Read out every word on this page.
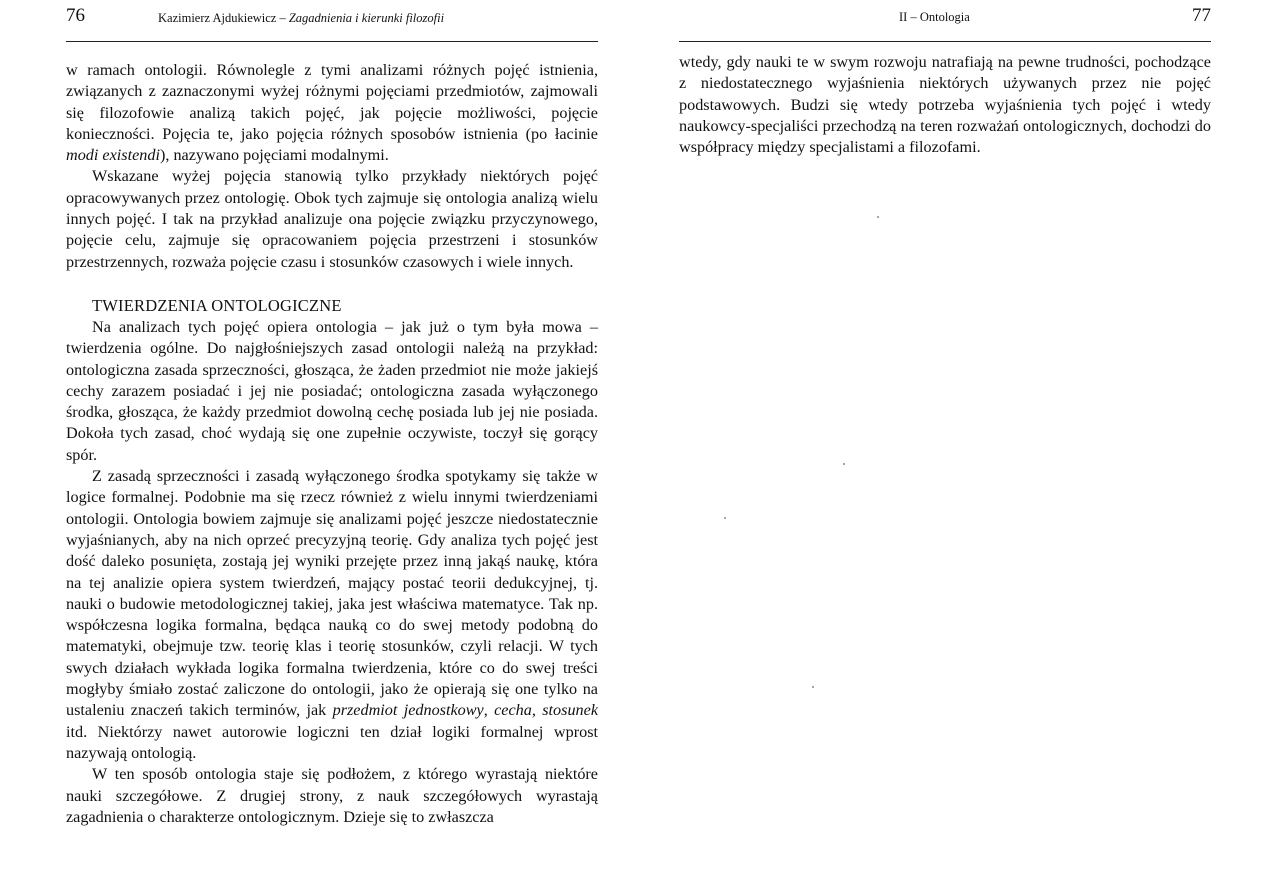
76	Kazimierz Ajdukiewicz – Zagadnienia i kierunki filozofii

w ramach ontologii. Równolegle z tymi analizami różnych pojęć istnienia, związanych z zaznaczonymi wyżej różnymi pojęciami przedmiotów, zajmowali się filozofowie analizą takich pojęć, jak pojęcie możliwości, pojęcie konieczności. Pojęcia te, jako pojęcia różnych sposobów istnienia (po łacinie modi existendi), nazywano pojęciami modalnymi.

Wskazane wyżej pojęcia stanowią tylko przykłady niektórych pojęć opracowywanych przez ontologię. Obok tych zajmuje się ontologia analizą wielu innych pojęć. I tak na przykład analizuje ona pojęcie związku przyczynowego, pojęcie celu, zajmuje się opracowaniem pojęcia przestrzeni i stosunków przestrzennych, rozważa pojęcie czasu i stosunków czasowych i wiele innych.

TWIERDZENIA ONTOLOGICZNE

Na analizach tych pojęć opiera ontologia – jak już o tym była mowa – twierdzenia ogólne. Do najgłośniejszych zasad ontologii należą na przykład: ontologiczna zasada sprzeczności, głosząca, że żaden przedmiot nie może jakiejś cechy zarazem posiadać i jej nie posiadać; ontologiczna zasada wyłączonego środka, głosząca, że każdy przedmiot dowolną cechę posiada lub jej nie posiada. Dokoła tych zasad, choć wydają się one zupełnie oczywiste, toczył się gorący spór.

Z zasadą sprzeczności i zasadą wyłączonego środka spotykamy się także w logice formalnej. Podobnie ma się rzecz również z wielu innymi twierdzeniami ontologii. Ontologia bowiem zajmuje się analizami pojęć jeszcze niedostatecznie wyjaśnianych, aby na nich oprzeć precyzyjną teorię. Gdy analiza tych pojęć jest dość daleko posunięta, zostają jej wyniki przejęte przez inną jakąś naukę, która na tej analizie opiera system twierdzeń, mający postać teorii dedukcyjnej, tj. nauki o budowie metodologicznej takiej, jaka jest właściwa matematyce. Tak np. współczesna logika formalna, będąca nauką co do swej metody podobną do matematyki, obejmuje tzw. teorię klas i teorię stosunków, czyli relacji. W tych swych działach wykłada logika formalna twierdzenia, które co do swej treści mogłyby śmiało zostać zaliczone do ontologii, jako że opierają się one tylko na ustaleniu znaczeń takich terminów, jak przedmiot jednostkowy, cecha, stosunek itd. Niektórzy nawet autorowie logiczni ten dział logiki formalnej wprost nazywają ontologią.

W ten sposób ontologia staje się podłożem, z którego wyrastają niektóre nauki szczegółowe. Z drugiej strony, z nauk szczegółowych wyrastają zagadnienia o charakterze ontologicznym. Dzieje się to zwłaszcza

II – Ontologia	77

wtedy, gdy nauki te w swym rozwoju natrafiają na pewne trudności, pochodzące z niedostatecznego wyjaśnienia niektórych używanych przez nie pojęć podstawowych. Budzi się wtedy potrzeba wyjaśnienia tych pojęć i wtedy naukowcy-specjaliści przechodzą na teren rozważań ontologicznych, dochodzi do współpracy między specjalistami a filozofami.
